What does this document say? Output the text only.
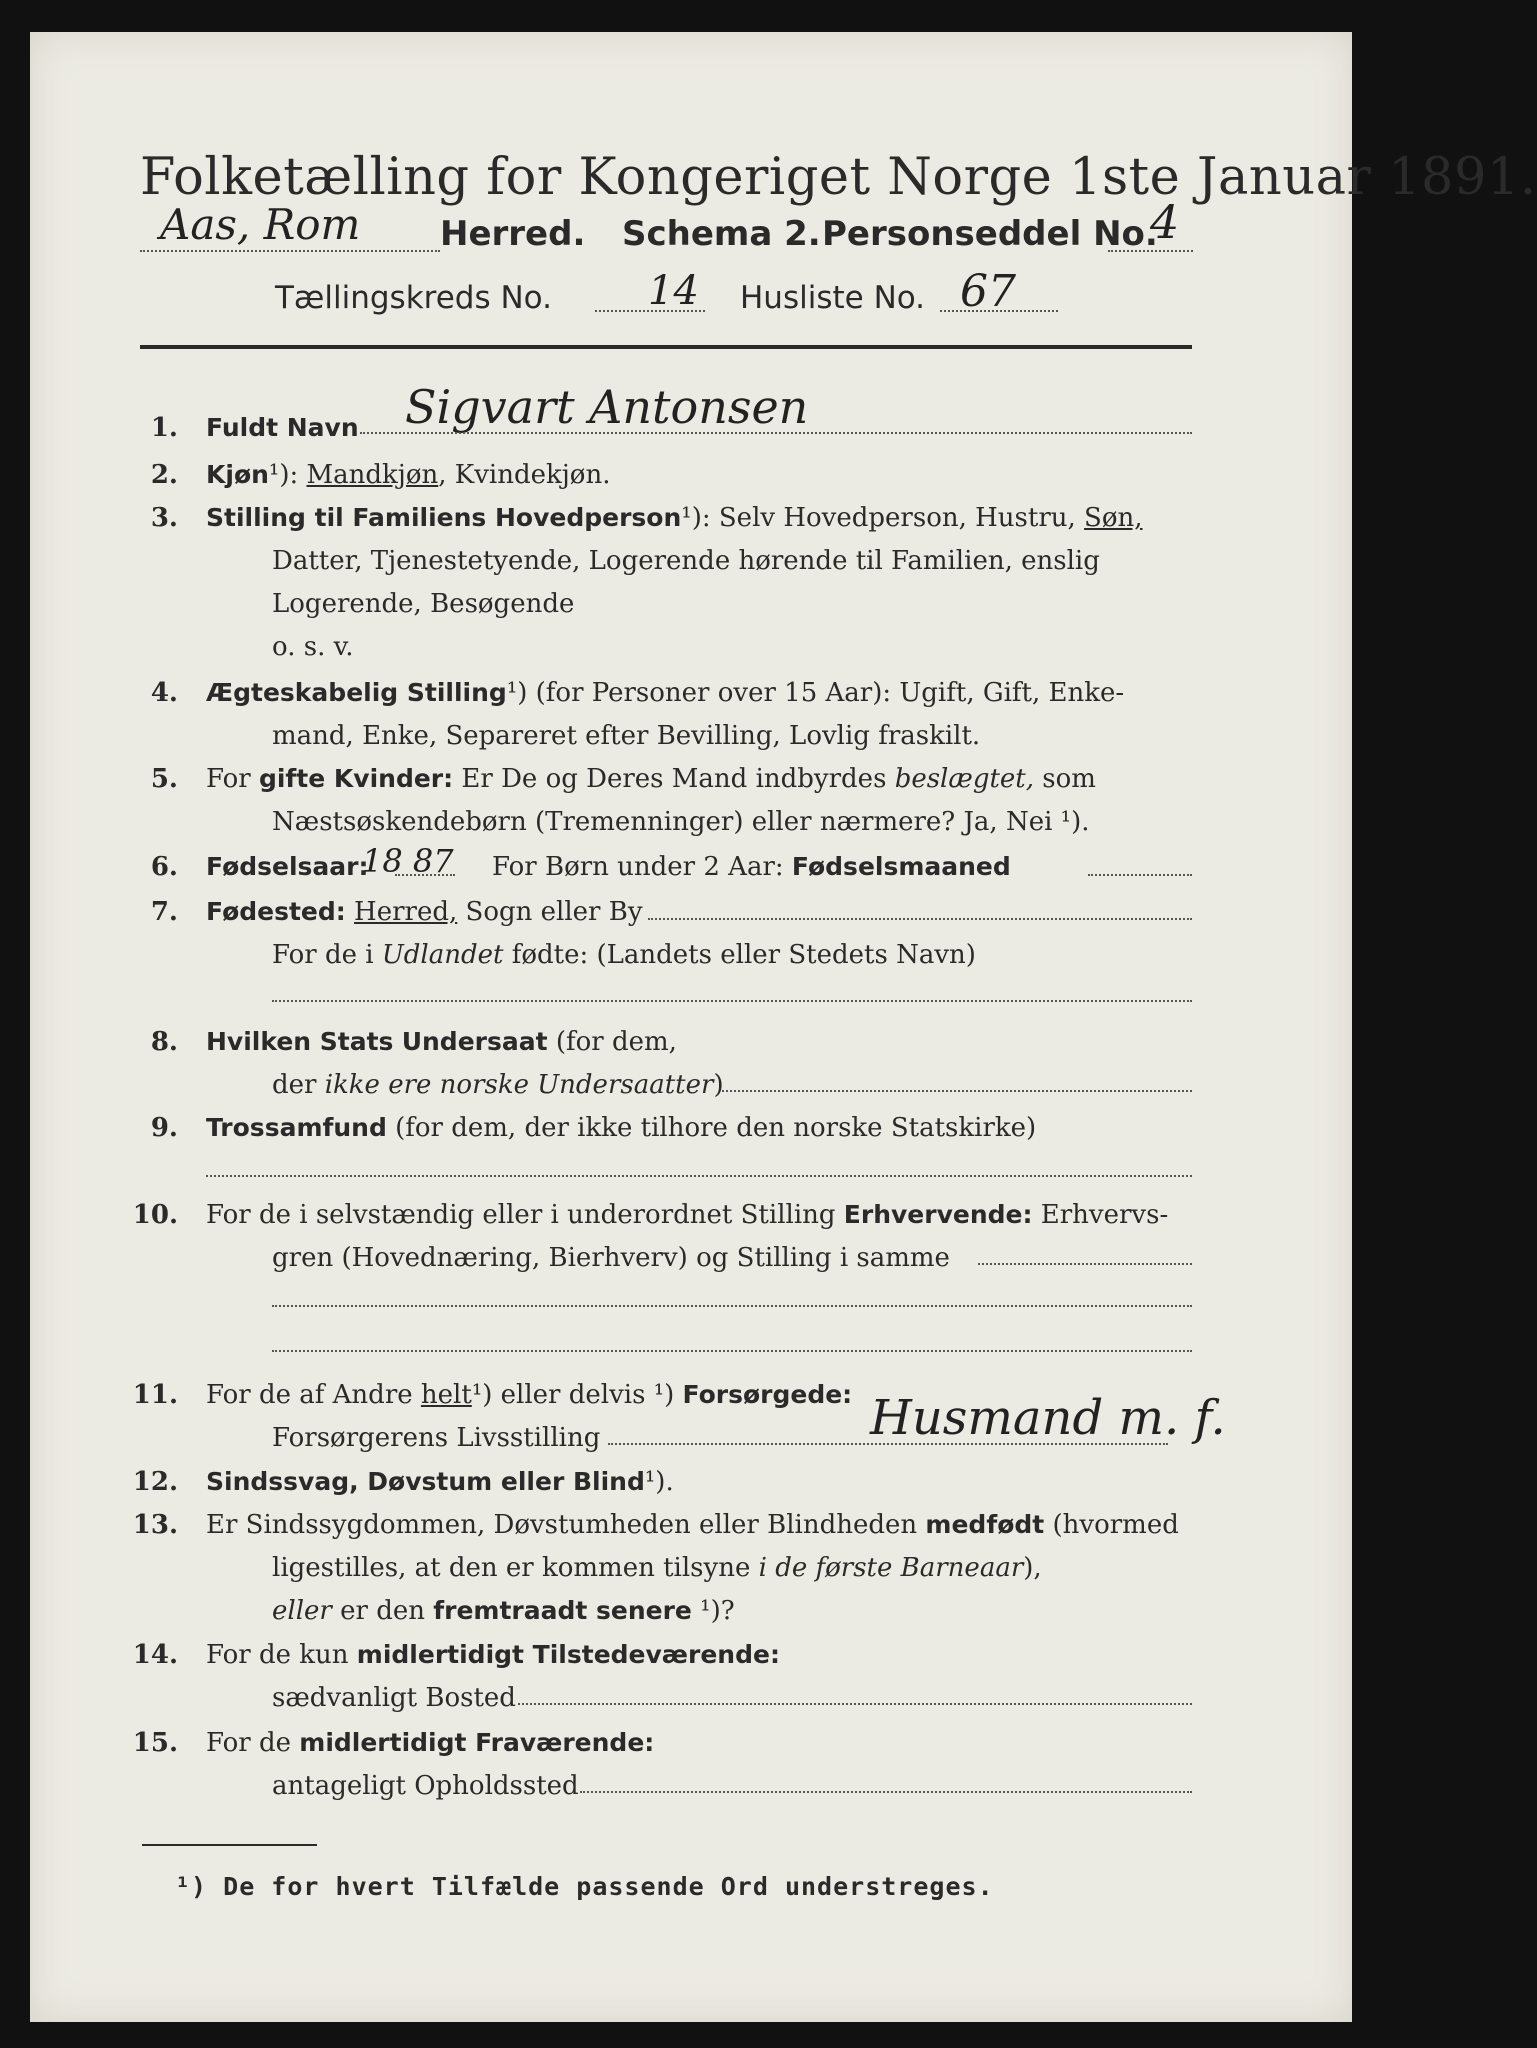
Folketælling for Kongeriget Norge 1ste Januar 1891.
Aas, Rom Herred. Schema 2. Personseddel No.
4
Tællingskreds No. 14 Husliste No. 67
1. Fuldt Navn Sigvart Antonsen
2. Kjøn¹): Mandkjøn, Kvindekjøn.
3. Stilling til Familiens Hovedperson¹): Selv Hovedperson, Hustru, Søn,
Datter, Tjenestetyende, Logerende hørende til Familien, enslig
Logerende, Besøgende
o. s. v.
4. Ægteskabelig Stilling¹) (for Personer over 15 Aar): Ugift, Gift, Enke-
mand, Enke, Separeret efter Bevilling, Lovlig fraskilt.
5. For gifte Kvinder: Er De og Deres Mand indbyrdes beslægtet, som
Næstsøskendebørn (Tremenninger) eller nærmere? Ja, Nei ¹).
6. Fødselsaar:
18 87 For Børn under 2 Aar: Fødselsmaaned
7. Fødested: Herred, Sogn eller By
For de i Udlandet fødte: (Landets eller Stedets Navn)
8. Hvilken Stats Undersaat (for dem,
der ikke ere norske Undersaatter)
9. Trossamfund (for dem, der ikke tilhore den norske Statskirke)
10. For de i selvstændig eller i underordnet Stilling Erhvervende: Erhvervs-
gren (Hovednæring, Bierhverv) og Stilling i samme
11. For de af Andre helt¹) eller delvis ¹) Forsørgede:
Forsørgerens Livsstilling	Husmand m. f.
12. Sindssvag, Døvstum eller Blind¹).
13. Er Sindssygdommen, Døvstumheden eller Blindheden medfødt (hvormed
ligestilles, at den er kommen tilsyne i de første Barneaar),
eller er den fremtraadt senere ¹)?
14. For de kun midlertidigt Tilstedeværende:
sædvanligt Bosted
15. For de midlertidigt Fraværende:
antageligt Opholdssted
¹) De for hvert Tilfælde passende Ord understreges.
